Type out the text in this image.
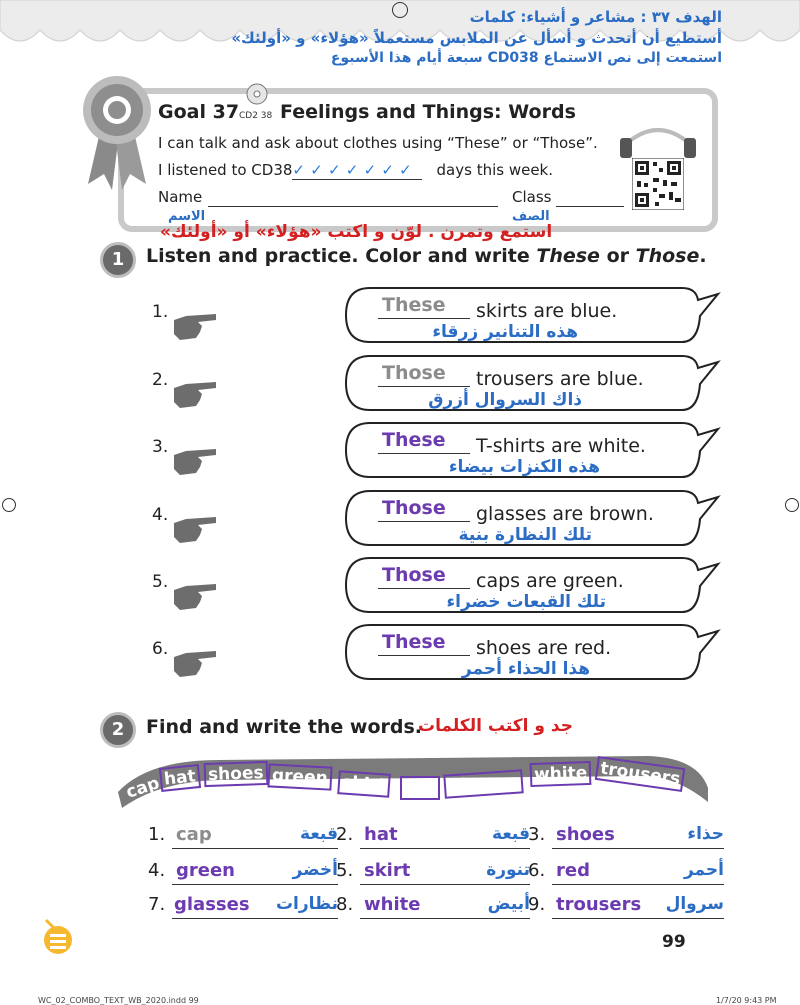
الهدف ٣٧ : مشاعر و أشياء: كلمات
أستطيع أن أتحدث و أسأل عن الملابس مستعملاً «هؤلاء» و «أولئك»
استمعت إلى نص الاستماع CD038 سبعة أيام هذا الأسبوع
Goal 37 CD2 38 Feelings and Things: Words
I can talk and ask about clothes using “These” or “Those”.
I listened to CD38✓ ✓ ✓ ✓ ✓ ✓ ✓ days this week.
Name	Class
الاسم	الصف
استمع وتمرن . لوّن و اكتب «هؤلاء» أو «أولئك»
1	Listen and practice. Color and write These or Those.
1.	These skirts are blue.
هذه التنانير زرقاء
2.	Those trousers are blue.
ذاك السروال أزرق
3.	These T-shirts are white.
هذه الكنزات بيضاء
4.	Those glasses are brown.
تلك النظارة بنية
5.	Those caps are green.
تلك القبعات خضراء
6.	These shoes are red.
هذا الحذاء أحمر
2	Find and write the words.
جد و اكتب الكلمات
cap hat shoes green skIrt red glasses white trousers
1. cap	قبعة
2. hat	قبعة
3. shoes	حذاء
4. green	أخضر
5. skirt	تنورة
6. red	أحمر
7. glasses نظارات
8. white	أبيض
9. trousers سروال
99
WC_02_COMBO_TEXT_WB_2020.indd 99	1/7/20 9:43 PM
